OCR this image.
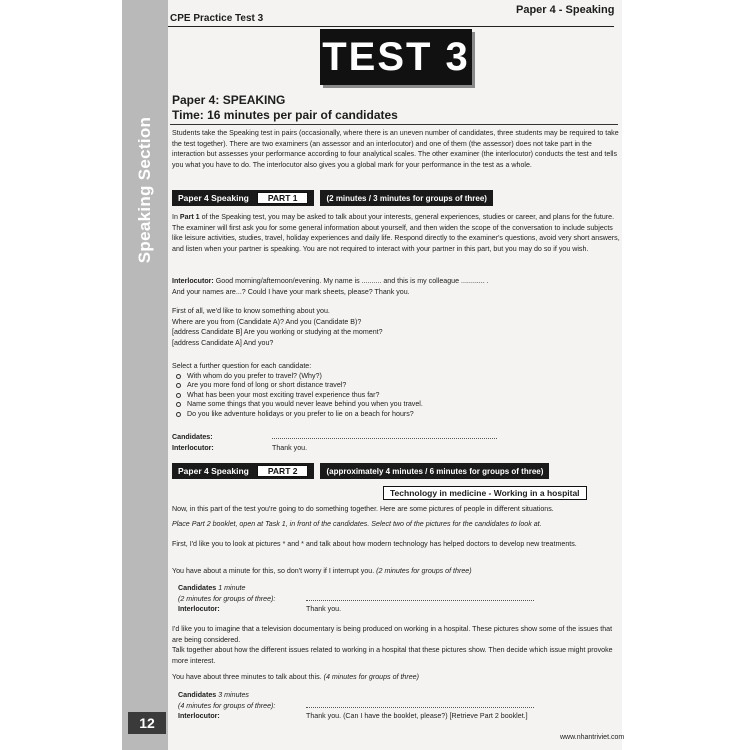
Speaking Section
12
CPE Practice Test 3
Paper 4 - Speaking
TEST 3
Paper 4: SPEAKING
Time: 16 minutes per pair of candidates
Students take the Speaking test in pairs (occasionally, where there is an uneven number of candidates, three students may be required to take the test together). There are two examiners (an assessor and an interlocutor) and one of them (the assessor) does not take part in the interaction but assesses your performance according to four analytical scales. The other examiner (the interlocutor) conducts the test and tells you what you have to do. The interlocutor also gives you a global mark for your performance in the test as a whole.
Paper 4 Speaking	PART 1	(2 minutes / 3 minutes for groups of three)
In Part 1 of the Speaking test, you may be asked to talk about your interests, general experiences, studies or career, and plans for the future. The examiner will first ask you for some general information about yourself, and then widen the scope of the conversation to include subjects like leisure activities, studies, travel, holiday experiences and daily life. Respond directly to the examiner's questions, avoid very short answers, and listen when your partner is speaking. You are not required to interact with your partner in this part, but you may do so if you wish.
Interlocutor: Good morning/afternoon/evening. My name is .......... and this is my colleague ............ .
And your names are...? Could I have your mark sheets, please? Thank you.
First of all, we'd like to know something about you.
Where are you from (Candidate A)? And you (Candidate B)?
[address Candidate B] Are you working or studying at the moment?
[address Candidate A] And you?
Select a further question for each candidate:
With whom do you prefer to travel? (Why?)
Are you more fond of long or short distance travel?
What has been your most exciting travel experience thus far?
Name some things that you would never leave behind you when you travel.
Do you like adventure holidays or you prefer to lie on a beach for hours?
Candidates:
Interlocutor:	Thank you.
Paper 4 Speaking	PART 2	(approximately 4 minutes / 6 minutes for groups of three)
Technology in medicine - Working in a hospital
Now, in this part of the test you're going to do something together. Here are some pictures of people in different situations.
Place Part 2 booklet, open at Task 1, in front of the candidates. Select two of the pictures for the candidates to look at.
First, I'd like you to look at pictures * and * and talk about how modern technology has helped doctors to develop new treatments.
You have about a minute for this, so don't worry if I interrupt you. (2 minutes for groups of three)
Candidates 1 minute
(2 minutes for groups of three):
Interlocutor:	Thank you.
I'd like you to imagine that a television documentary is being produced on working in a hospital. These pictures show some of the issues that are being considered.
Talk together about how the different issues related to working in a hospital that these pictures show. Then decide which issue might provoke more interest.
You have about three minutes to talk about this. (4 minutes for groups of three)
Candidates 3 minutes
(4 minutes for groups of three):
Interlocutor:	Thank you. (Can I have the booklet, please?) [Retrieve Part 2 booklet.]
www.nhantriviet.com
